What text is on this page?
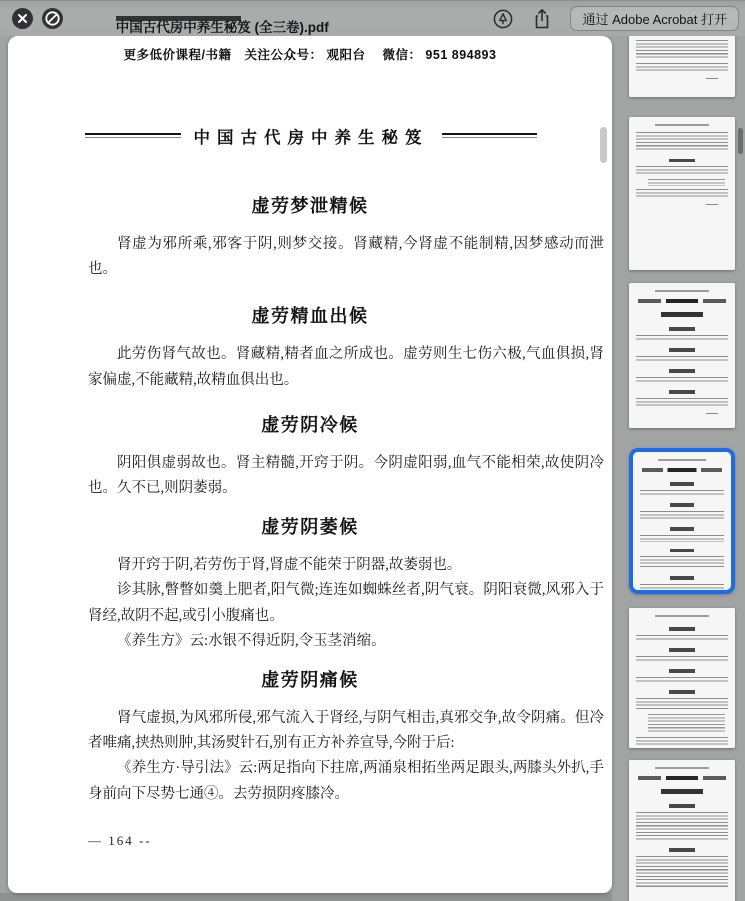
中国古代房中养生秘笈 (全三卷).pdf	通过 Adobe Acrobat 打开
更多低价课程/书籍　关注公众号： 观阳台　 微信： 951 894893
中国古代房中养生秘笈
虚劳梦泄精候

肾虚为邪所乘,邪客于阴,则梦交接。肾藏精,今肾虚不能制精,因梦感动而泄也。

虚劳精血出候

此劳伤肾气故也。肾藏精,精者血之所成也。虚劳则生七伤六极,气血俱损,肾家偏虚,不能藏精,故精血俱出也。

虚劳阴冷候

阴阳俱虚弱故也。肾主精髓,开窍于阴。今阴虚阳弱,血气不能相荣,故使阴冷也。久不已,则阴萎弱。

虚劳阴萎候

肾开窍于阴,若劳伤于肾,肾虚不能荣于阴器,故萎弱也。

诊其脉,瞥瞥如羹上肥者,阳气微;连连如蜘蛛丝者,阴气衰。阴阳衰微,风邪入于肾经,故阴不起,或引小腹痛也。

《养生方》云:水银不得近阴,令玉茎消缩。

虚劳阴痛候

肾气虚损,为风邪所侵,邪气流入于肾经,与阴气相击,真邪交争,故令阴痛。但冷者唯痛,挟热则肿,其汤熨针石,别有正方补养宣导,今附于后:

《养生方·导引法》云:两足指向下拄席,两涌泉相拓坐两足跟头,两膝头外扒,手身前向下尽势七通④。去劳损阴疼膝冷。

— 164 --
